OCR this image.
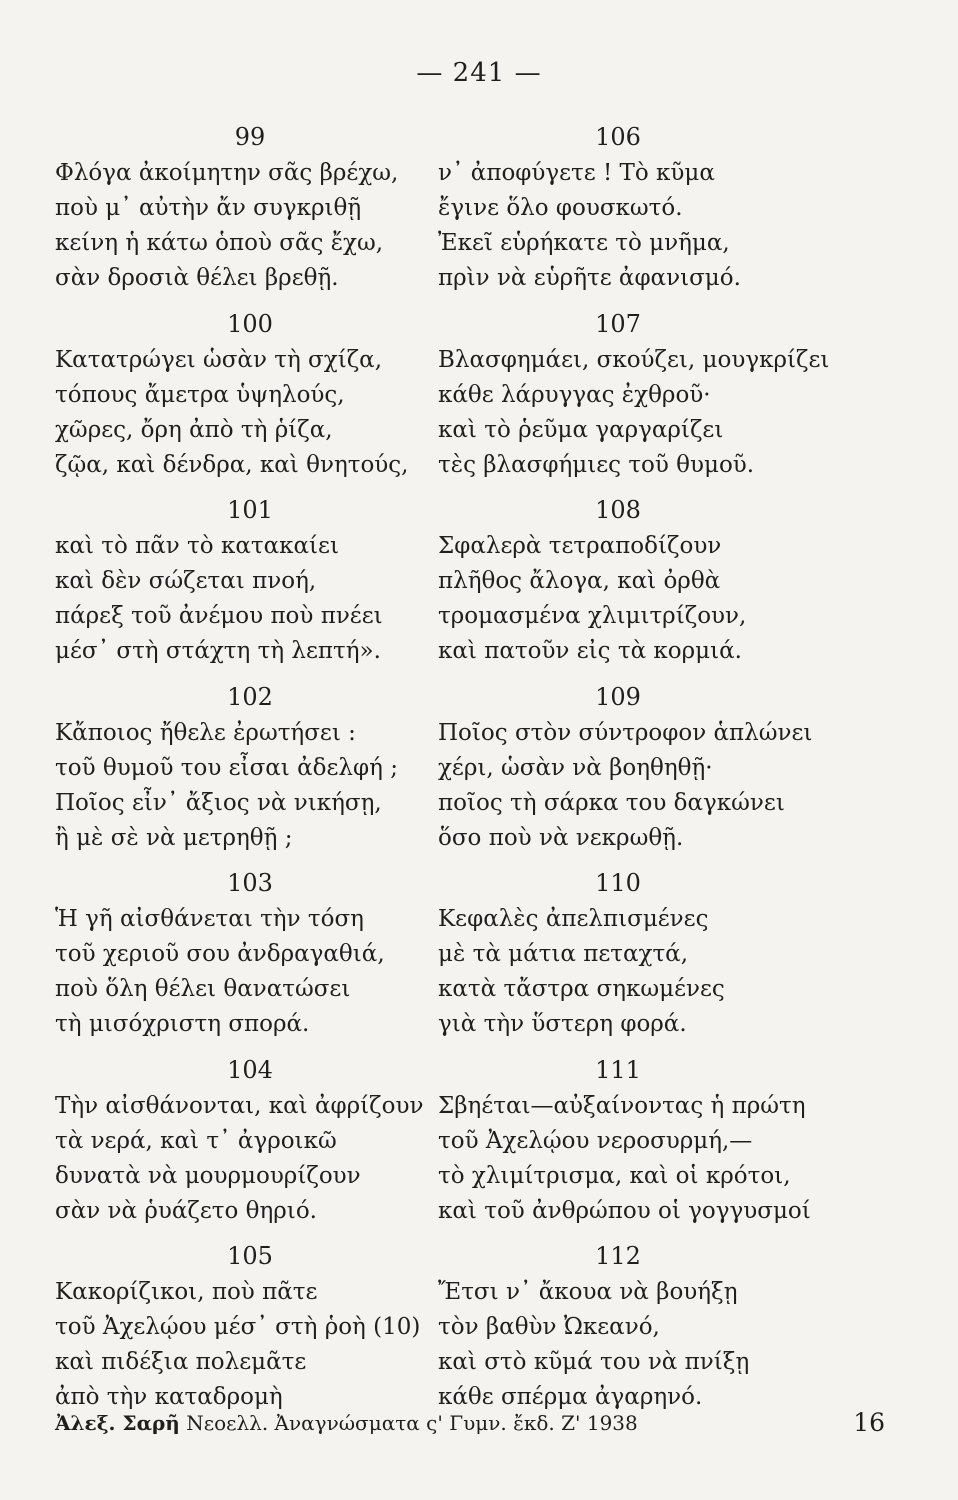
— 241 —
99
Φλόγα ἀκοίμητην σᾶς βρέχω,
ποὺ μ᾽ αὐτὴν ἄν συγκριθῇ
κείνη ἡ κάτω ὁποὺ σᾶς ἔχω,
σὰν δροσιὰ θέλει βρεθῇ.
100
Κατατρώγει ὡσὰν τὴ σχίζα,
τόπους ἄμετρα ὑψηλούς,
χῶρες, ὄρη ἀπὸ τὴ ῥίζα,
ζῷα, καὶ δένδρα, καὶ θνητούς,
101
καὶ τὸ πᾶν τὸ κατακαίει
καὶ δὲν σώζεται πνοή,
πάρεξ τοῦ ἀνέμου ποὺ πνέει
μέσ᾽ στὴ στάχτη τὴ λεπτή».
102
Κἄποιος ἤθελε ἐρωτήσει :
τοῦ θυμοῦ του εἶσαι ἀδελφή ;
Ποῖος εἶν᾽ ἄξιος νὰ νικήσῃ,
ἢ μὲ σὲ νὰ μετρηθῇ ;
103
Ἡ γῆ αἰσθάνεται τὴν τόση
τοῦ χεριοῦ σου ἀνδραγαθιά,
ποὺ ὅλη θέλει θανατώσει
τὴ μισόχριστη σπορά.
104
Τὴν αἰσθάνονται, καὶ ἀφρίζουν
τὰ νερά, καὶ τ᾽ ἀγροικῶ
δυνατὰ νὰ μουρμουρίζουν
σὰν νὰ ῥυάζετο θηριό.
105
Κακορίζικοι, ποὺ πᾶτε
τοῦ Ἀχελῴου μέσ᾽ στὴ ῥοὴ (10)
καὶ πιδέξια πολεμᾶτε
ἀπὸ τὴν καταδρομὴ
106
ν᾽ ἀποφύγετε ! Τὸ κῦμα
ἔγινε ὅλο φουσκωτό.
Ἐκεῖ εὑρήκατε τὸ μνῆμα,
πρὶν νὰ εὑρῆτε ἀφανισμό.
107
Βλασφημάει, σκούζει, μουγκρίζει
κάθε λάρυγγας ἐχθροῦ·
καὶ τὸ ῥεῦμα γαργαρίζει
τὲς βλασφήμιες τοῦ θυμοῦ.
108
Σφαλερὰ τετραποδίζουν
πλῆθος ἄλογα, καὶ ὀρθὰ
τρομασμένα χλιμιτρίζουν,
καὶ πατοῦν εἰς τὰ κορμιά.
109
Ποῖος στὸν σύντροφον ἁπλώνει
χέρι, ὡσὰν νὰ βοηθηθῇ·
ποῖος τὴ σάρκα του δαγκώνει
ὅσο ποὺ νὰ νεκρωθῇ.
110
Κεφαλὲς ἀπελπισμένες
μὲ τὰ μάτια πεταχτά,
κατὰ τἄστρα σηκωμένες
γιὰ τὴν ὕστερη φορά.
111
Σβηέται—αὐξαίνοντας ἡ πρώτη
τοῦ Ἀχελῴου νεροσυρμή,—
τὸ χλιμίτρισμα, καὶ οἱ κρότοι,
καὶ τοῦ ἀνθρώπου οἱ γογγυσμοί
112
Ἔτσι ν᾽ ἄκουα νὰ βουήξῃ
τὸν βαθὺν Ὠκεανό,
καὶ στὸ κῦμά του νὰ πνίξῃ
κάθε σπέρμα ἀγαρηνό.
Ἀλεξ. Σαρῆ Νεοελλ. Ἀναγνώσματα ς' Γυμν. ἔκδ. Ζ' 1938	16
